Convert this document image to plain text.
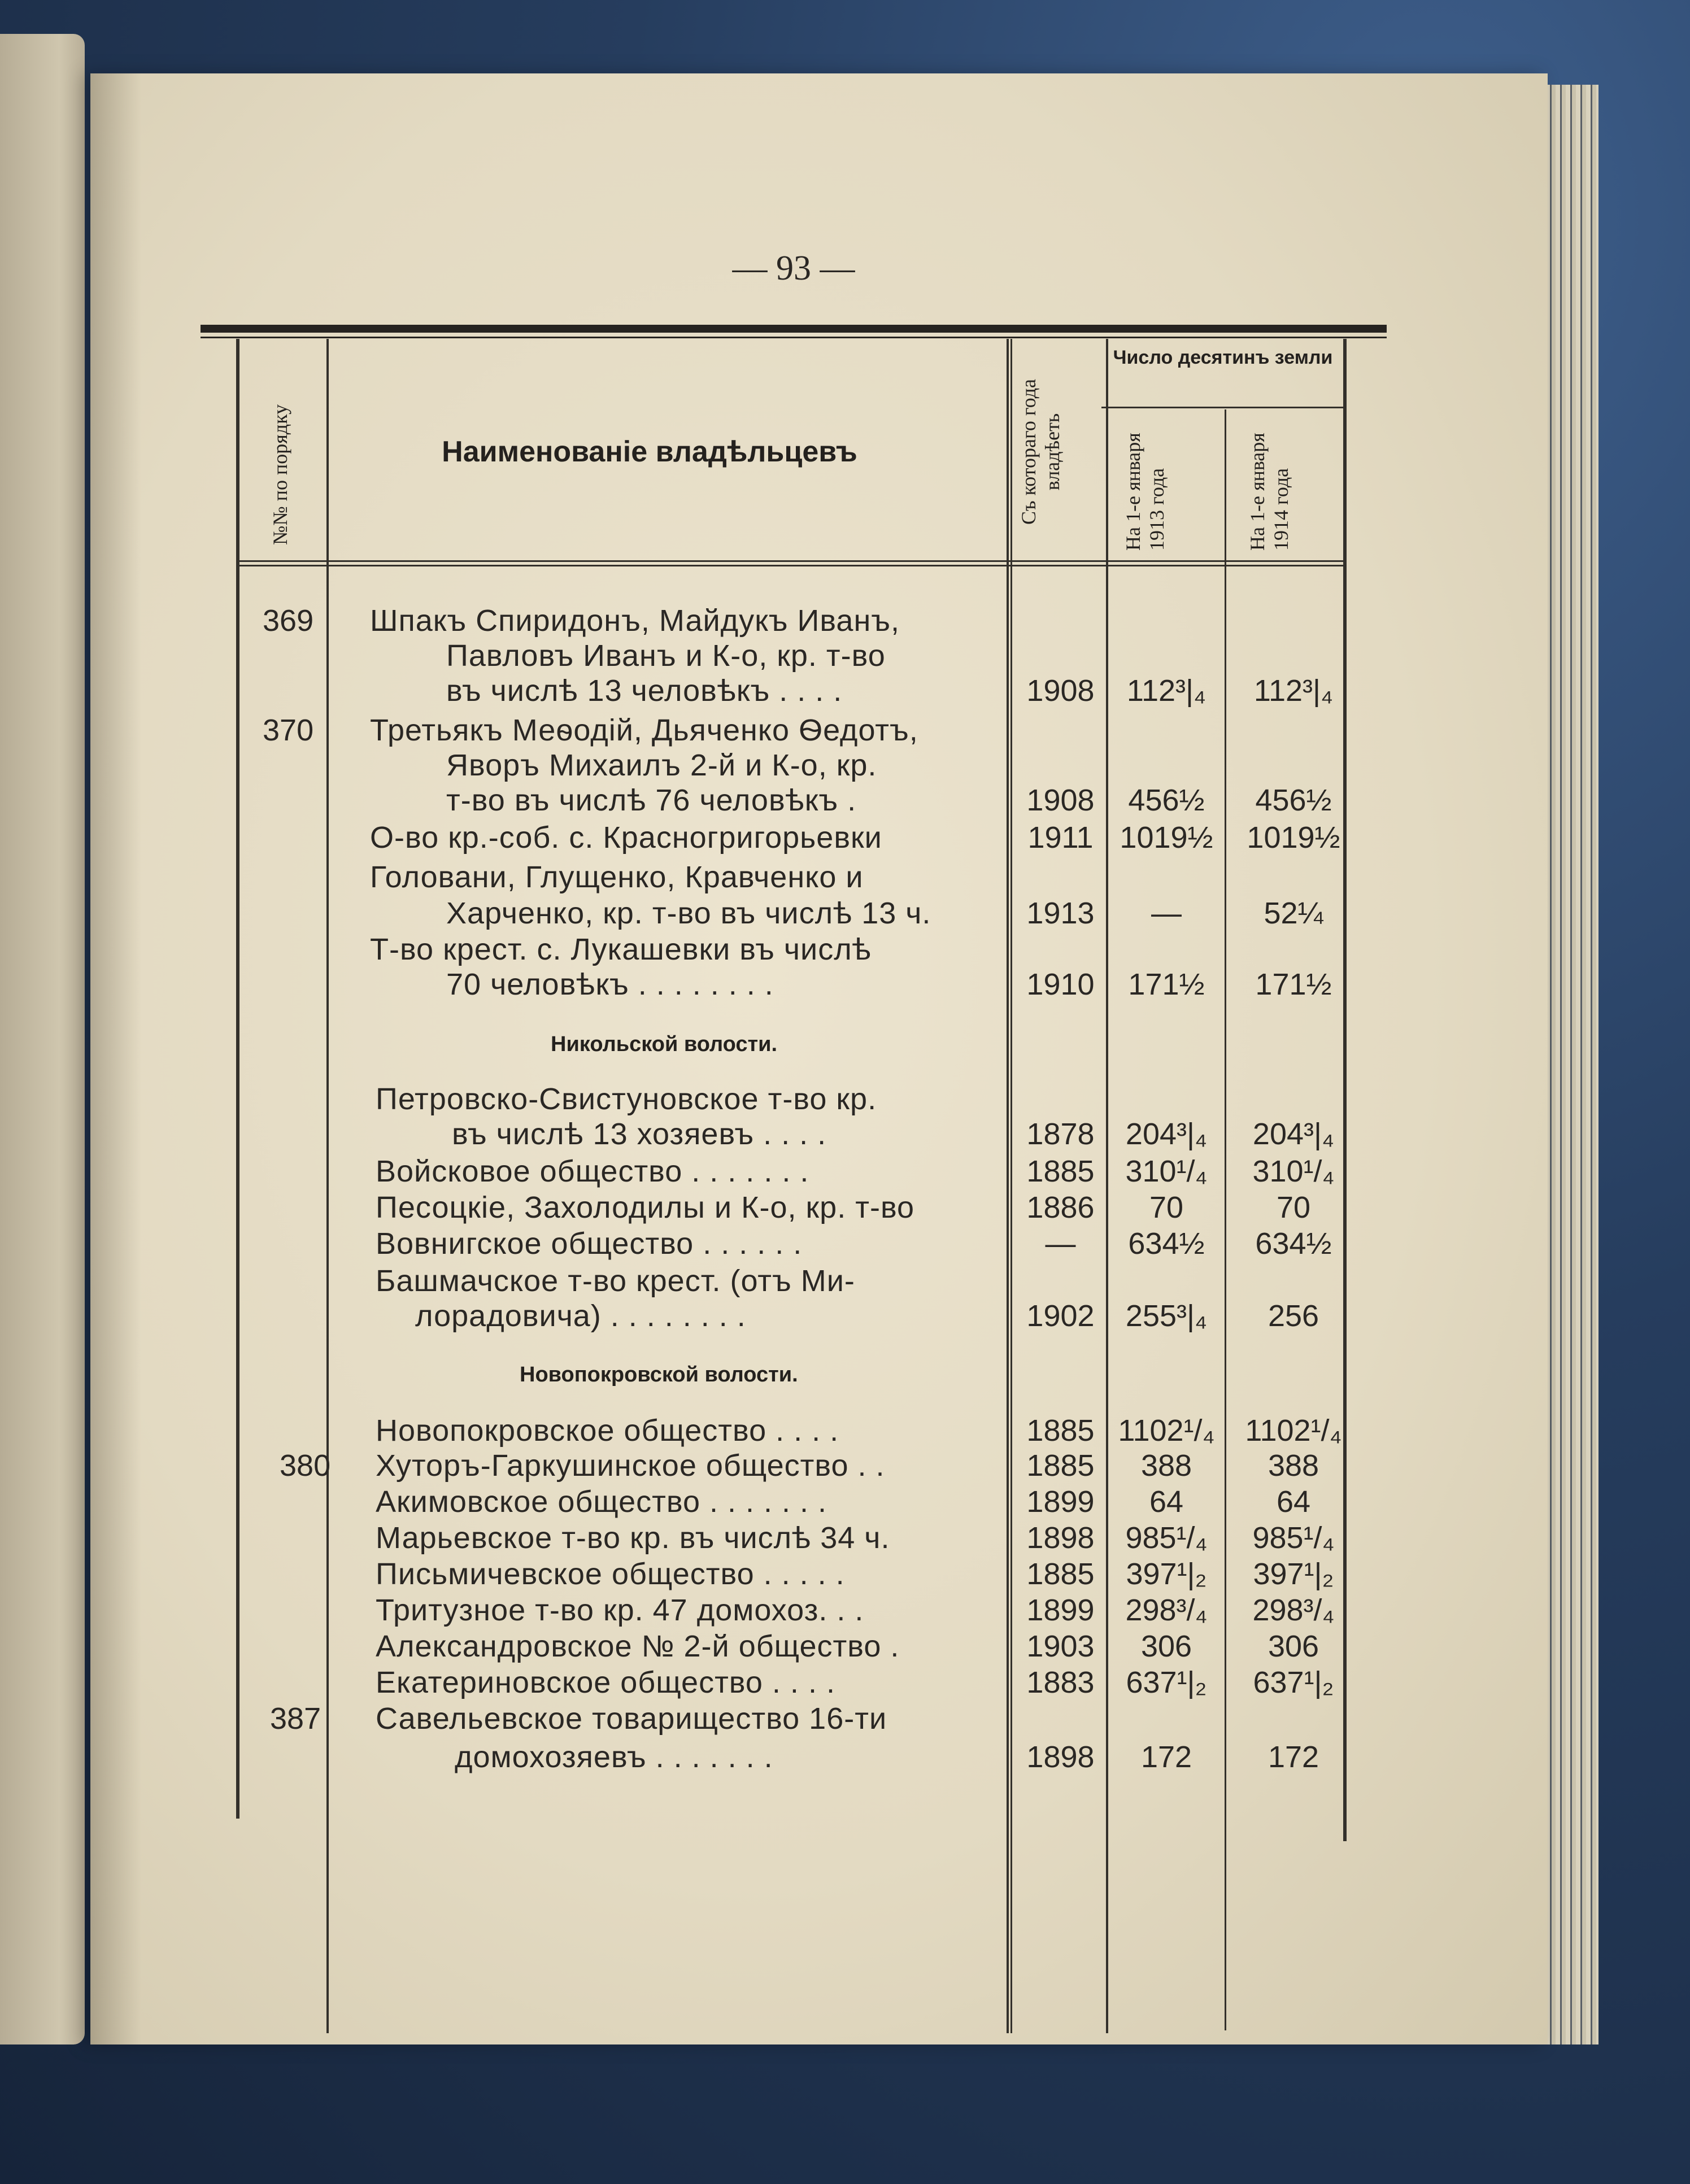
— 93 —
№№ по порядку	Наименованіе владѣльцевъ	Съ котораго года владѣеть
Число десятинъ земли
На 1-е января 1913 года	На 1-е января 1914 года
369 Шпакъ Спиридонъ, Майдукъ Иванъ,
Павловъ Иванъ и К-о, кр. т-во
въ числѣ 13 человѣкъ . . . .	1908	112³|₄	112³|₄
370 Третьякъ Меѳодій, Дьяченко Ѳедотъ,
Яворъ Михаилъ 2-й и К-о, кр.
т-во въ числѣ 76 человѣкъ .	1908	456½	456½
О-во кр.-соб. с. Красногригорьевки	1911 1019½	1019½
Головани, Глущенко, Кравченко и
Харченко, кр. т-во въ числѣ 13 ч.	1913	—	52¼
Т-во крест. с. Лукашевки въ числѣ
70 человѣкъ . . . . . . . .	1910	171½	171½
Никольской волости.
Петровско-Свистуновское т-во кр.
въ числѣ 13 хозяевъ . . . .	1878	204³|₄	204³|₄
Войсковое общество . . . . . . .	1885	310¹/₄	310¹/₄
Песоцкіе, Захолодилы и К-о, кр. т-во	1886	70	70
Вовнигское общество . . . . . .	—	634½	634½
Башмачское т-во крест. (отъ Ми-
лорадовича) . . . . . . . .	1902	255³|₄	256
Новопокровской волости.
Новопокровское общество . . . .	1885 1102¹/₄ 1102¹/₄
380 Хуторъ-Гаркушинское общество . .	1885	388	388
Акимовское общество . . . . . . .	1899	64	64
Марьевское т-во кр. въ числѣ 34 ч.	1898	985¹/₄	985¹/₄
Письмичевское общество . . . . .	1885	397¹|₂	397¹|₂
Тритузное т-во кр. 47 домохоз. . .	1899	298³/₄	298³/₄
Александровское № 2-й общество .	1903	306	306
Екатериновское общество . . . .	1883	637¹|₂	637¹|₂
387 Савельевское товарищество 16-ти
домохозяевъ . . . . . . .	1898	172	172
